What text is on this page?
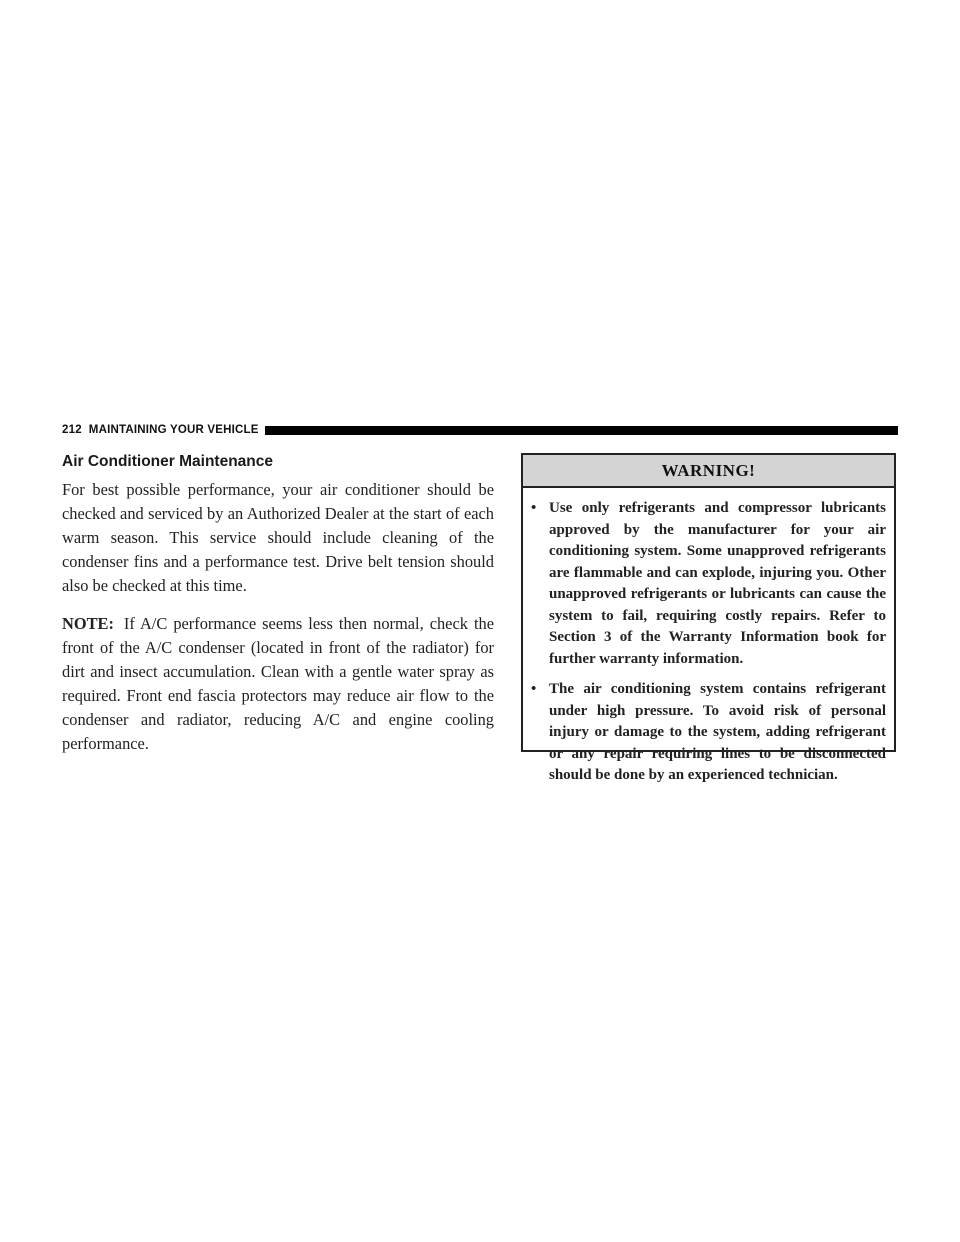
212 MAINTAINING YOUR VEHICLE
Air Conditioner Maintenance

For best possible performance, your air conditioner should be checked and serviced by an Authorized Dealer at the start of each warm season. This service should include cleaning of the condenser fins and a performance test. Drive belt tension should also be checked at this time.

NOTE: If A/C performance seems less then normal, check the front of the A/C condenser (located in front of the radiator) for dirt and insect accumulation. Clean with a gentle water spray as required. Front end fascia protectors may reduce air flow to the condenser and radiator, reducing A/C and engine cooling performance.

WARNING!
• Use only refrigerants and compressor lubricants approved by the manufacturer for your air conditioning system. Some unapproved refrigerants are flammable and can explode, injuring you. Other unapproved refrigerants or lubricants can cause the system to fail, requiring costly repairs. Refer to Section 3 of the Warranty Information book for further warranty information.
• The air conditioning system contains refrigerant under high pressure. To avoid risk of personal injury or damage to the system, adding refrigerant or any repair requiring lines to be disconnected should be done by an experienced technician.
